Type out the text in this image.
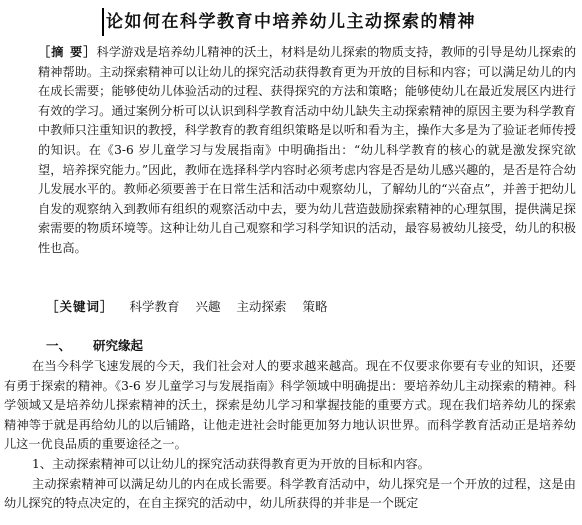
论如何在科学教育中培养幼儿主动探索的精神
［摘 要］科学游戏是培养幼儿精神的沃土，材料是幼儿探索的物质支持，教师的引导是幼儿探索的精神帮助。主动探索精神可以让幼儿的探究活动获得教育更为开放的目标和内容；可以满足幼儿的内在成长需要；能够使幼儿体验活动的过程、获得探究的方法和策略；能够使幼儿在最近发展区内进行有效的学习。通过案例分析可以认识到科学教育活动中幼儿缺失主动探索精神的原因主要为科学教育中教师只注重知识的教授，科学教育的教育组织策略是以听和看为主，操作大多是为了验证老师传授的知识。在《3-6 岁儿童学习与发展指南》中明确指出：“幼儿科学教育的核心的就是激发探究欲望，培养探究能力。”因此，教师在选择科学内容时必须考虑内容是否是幼儿感兴趣的，是否是符合幼儿发展水平的。教师必须要善于在日常生活和活动中观察幼儿，了解幼儿的“兴奋点”，并善于把幼儿自发的观察纳入到教师有组织的观察活动中去，要为幼儿营造鼓励探索精神的心理氛围，提供满足探索需要的物质环境等。这种让幼儿自己观察和学习科学知识的活动，最容易被幼儿接受，幼儿的积极性也高。
［关键词］ 科学教育 兴趣 主动探索 策略
一、 研究缘起

在当今科学飞速发展的今天，我们社会对人的要求越来越高。现在不仅要求你要有专业的知识，还要有勇于探索的精神。《3-6 岁儿童学习与发展指南》科学领域中明确提出：要培养幼儿主动探索的精神。科学领域又是培养幼儿探索精神的沃土，探索是幼儿学习和掌握技能的重要方式。现在我们培养幼儿的探索精神等于就是再给幼儿的以后铺路，让他走进社会时能更加努力地认识世界。而科学教育活动正是培养幼儿这一优良品质的重要途径之一。

1、主动探索精神可以让幼儿的探究活动获得教育更为开放的目标和内容。

主动探索精神可以满足幼儿的内在成长需要。科学教育活动中，幼儿探究是一个开放的过程，这是由幼儿探究的特点决定的，在自主探究的活动中，幼儿所获得的并非是一个既定
